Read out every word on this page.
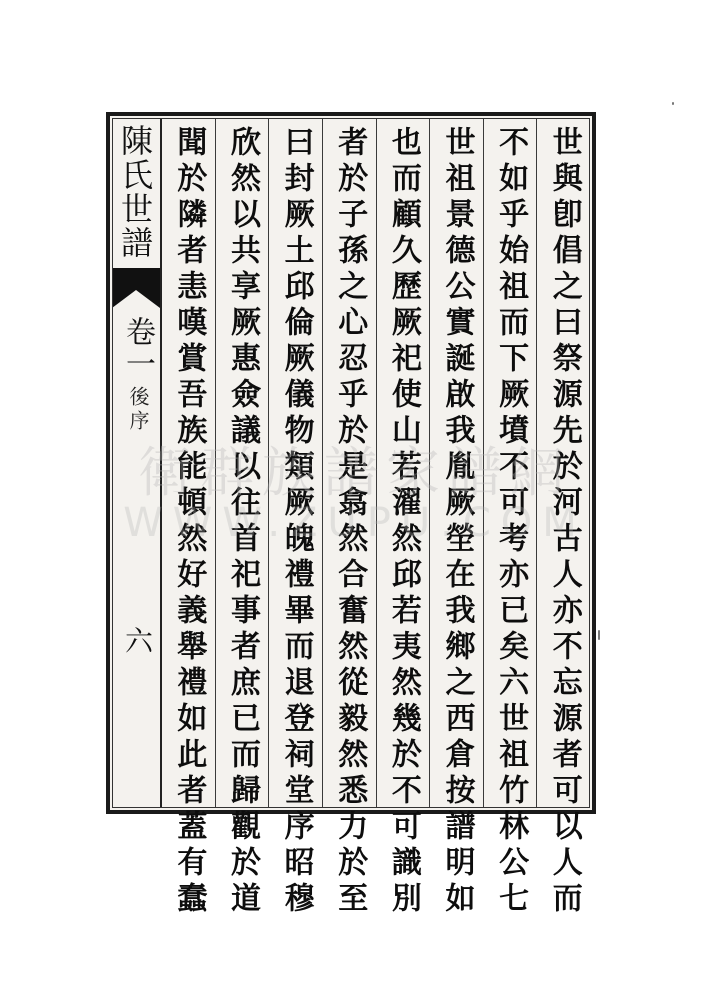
陳氏世譜
卷一
後序
六	世與卽倡之曰祭源先於河古人亦不忘源者可以人而
不如乎始祖而下厥墳不可考亦已矣六世祖竹林公七
世祖景德公實誕啟我胤厥塋在我鄉之西倉按譜明如
也而顧久歷厥祀使山若濯然邱若夷然幾於不可識別
者於子孫之心忍乎於是翕然合奮然從毅然悉力於至
曰封厥土邱倫厥儀物類厥魄禮畢而退登祠堂序昭穆
欣然以共享厥惠僉議以往首祀事者庶已而歸觀於道
聞於隣者恚嘆賞吾族能頓然好義舉禮如此者蓋有蠢
衛群族譜家譜網
WWW.ZUPU.COM
